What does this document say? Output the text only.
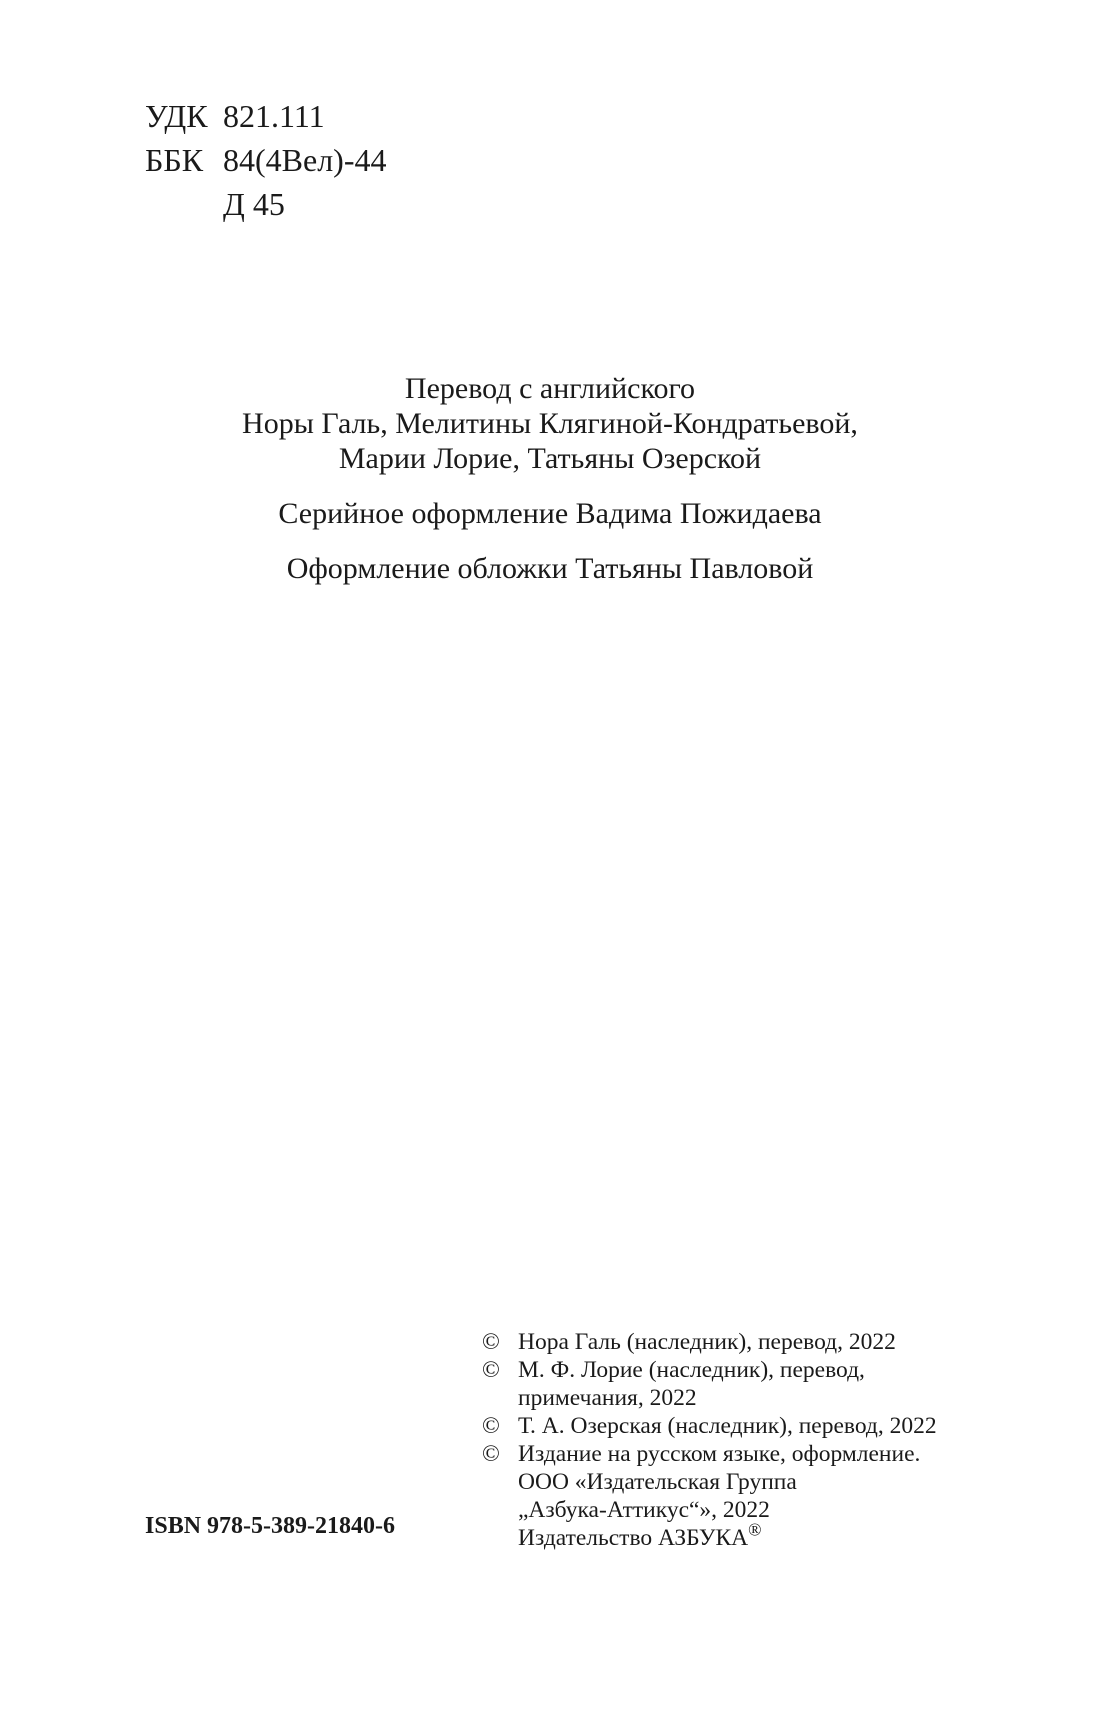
УДК 821.111
ББК 84(4Вел)-44
Д 45
Перевод с английского
Норы Галь, Мелитины Клягиной-Кондратьевой,
Марии Лорие, Татьяны Озерской
Серийное оформление Вадима Пожидаева
Оформление обложки Татьяны Павловой
© Нора Галь (наследник), перевод, 2022
© М. Ф. Лорие (наследник), перевод,
примечания, 2022
© Т. А. Озерская (наследник), перевод, 2022
© Издание на русском языке, оформление.
ООО «Издательская Группа
„Азбука-Аттикус“», 2022
Издательство АЗБУКА®
ISBN 978-5-389-21840-6
